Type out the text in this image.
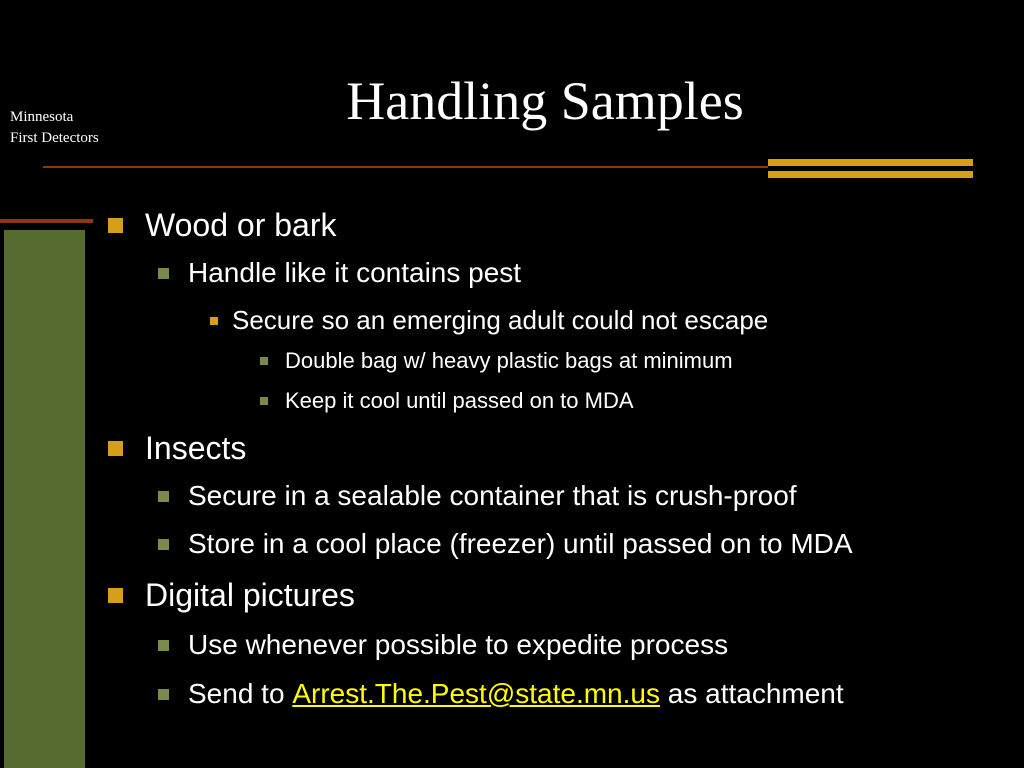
Minnesota
First Detectors
Handling Samples
Wood or bark
Handle like it contains pest
Secure so an emerging adult could not escape
Double bag w/ heavy plastic bags at minimum
Keep it cool until passed on to MDA
Insects
Secure in a sealable container that is crush-proof
Store in a cool place (freezer) until passed on to MDA
Digital pictures
Use whenever possible to expedite process
Send to
Arrest.The.Pest@state.mn.us
as attachment
